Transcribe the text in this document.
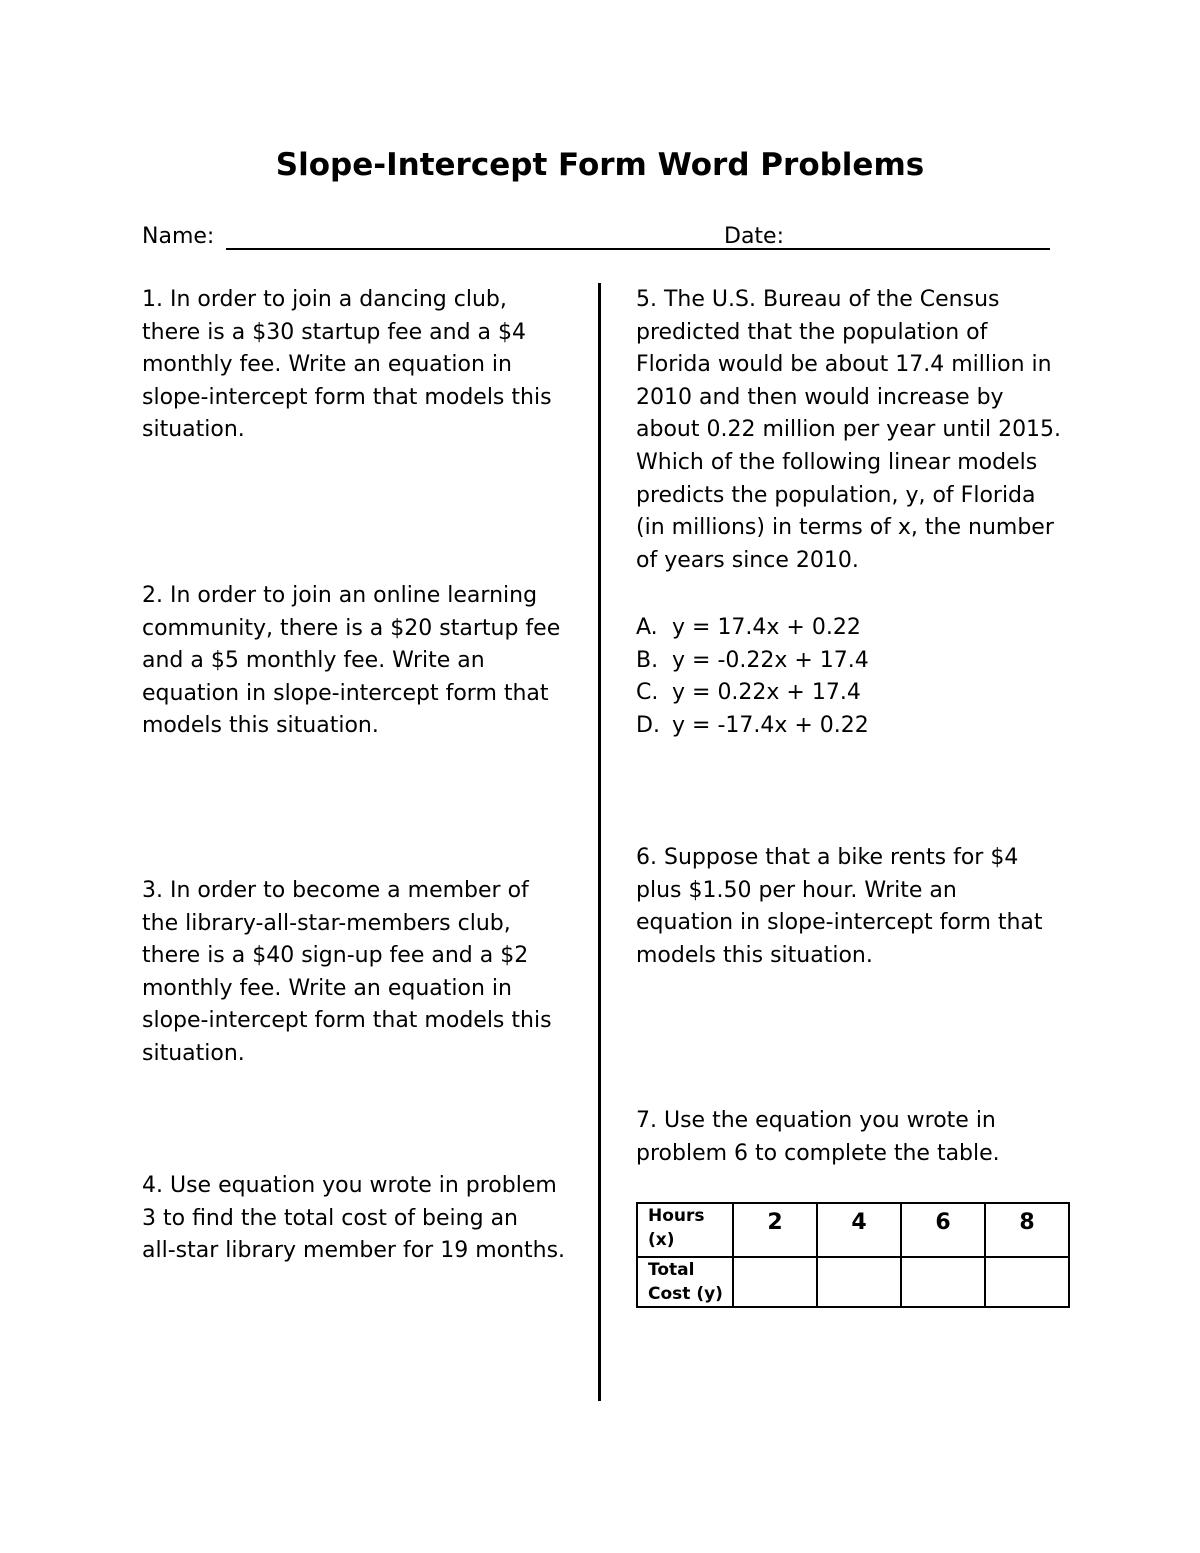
Slope-Intercept Form Word Problems
Name:	Date:

1. In order to join a dancing club,
there is a $30 startup fee and a $4
monthly fee. Write an equation in
slope-intercept form that models this
situation.

2. In order to join an online learning
community, there is a $20 startup fee
and a $5 monthly fee. Write an
equation in slope-intercept form that
models this situation.

3. In order to become a member of
the library-all-star-members club,
there is a $40 sign-up fee and a $2
monthly fee. Write an equation in
slope-intercept form that models this
situation.

4. Use equation you wrote in problem
3 to find the total cost of being an
all-star library member for 19 months.

5. The U.S. Bureau of the Census
predicted that the population of
Florida would be about 17.4 million in
2010 and then would increase by
about 0.22 million per year until 2015.
Which of the following linear models
predicts the population, y, of Florida
(in millions) in terms of x, the number
of years since 2010.

A. y = 17.4x + 0.22
B. y = -0.22x + 17.4
C. y = 0.22x + 17.4
D. y = -17.4x + 0.22

6. Suppose that a bike rents for $4
plus $1.50 per hour. Write an
equation in slope-intercept form that
models this situation.

7. Use the equation you wrote in
problem 6 to complete the table.

Hours (x)	2	4	6	8
Total Cost (y)				
